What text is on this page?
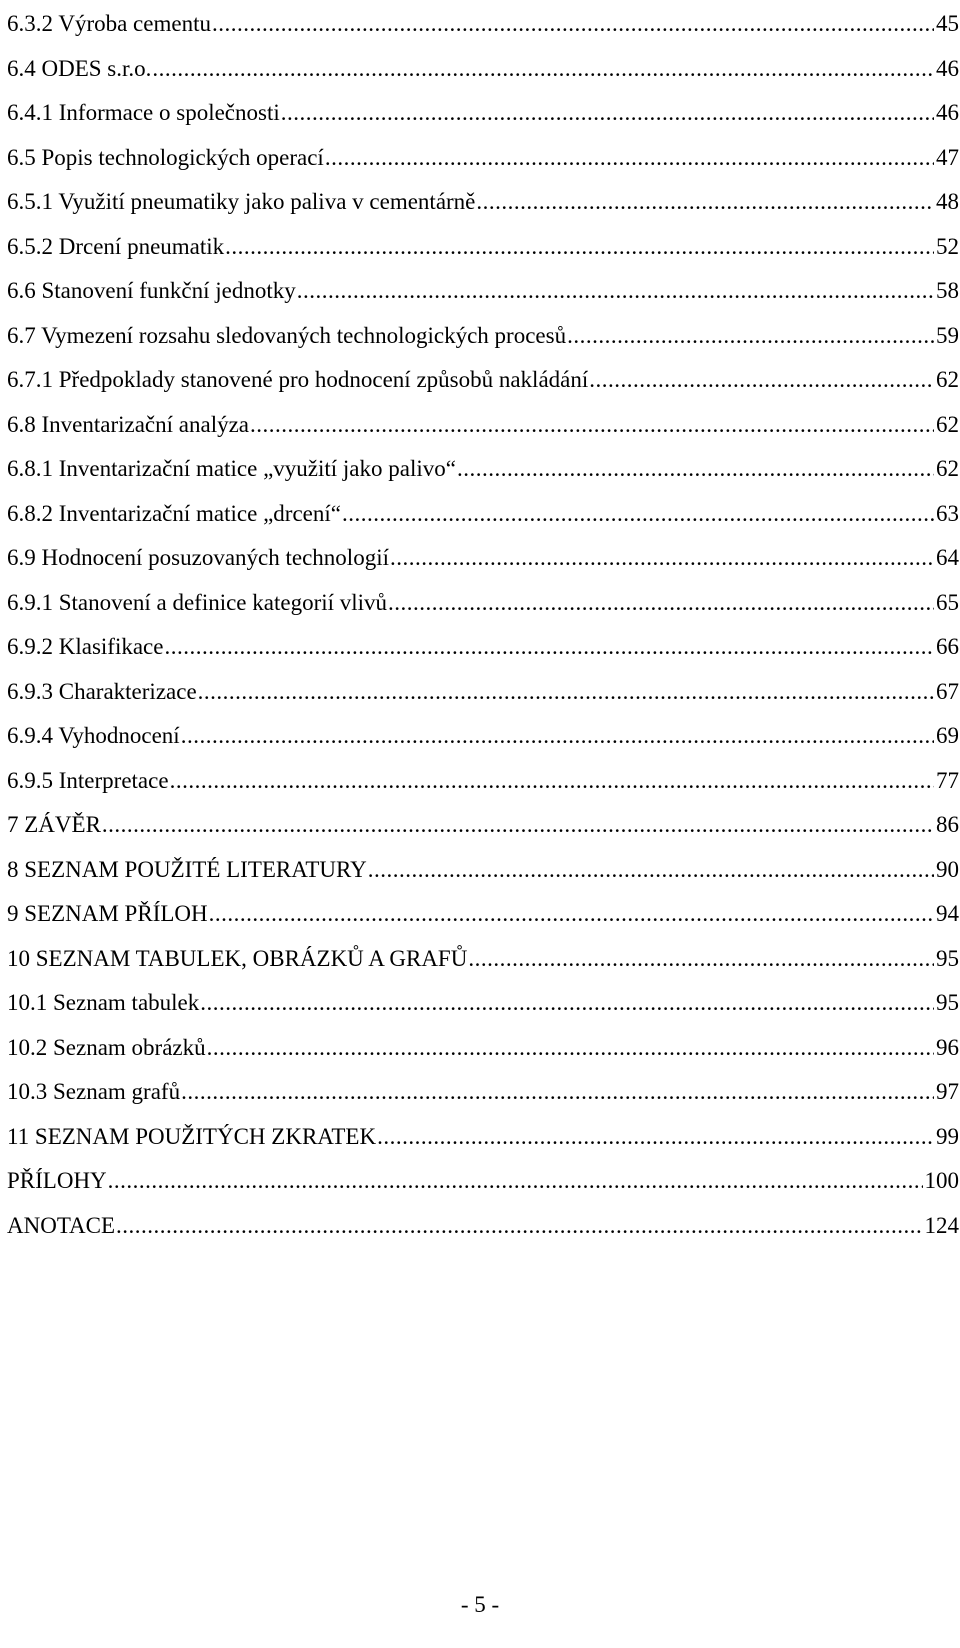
6.3.2 Výroba cementu .....	45
6.4 ODES s.r.o. .....	46
6.4.1 Informace o společnosti .....	46
6.5 Popis technologických operací .....	47
6.5.1 Využití pneumatiky jako paliva v cementárně .....	48
6.5.2 Drcení pneumatik .....	52
6.6 Stanovení funkční jednotky .....	58
6.7 Vymezení rozsahu sledovaných technologických procesů .....	59
6.7.1 Předpoklady stanovené pro hodnocení způsobů nakládání .....	62
6.8 Inventarizační analýza .....	62
6.8.1 Inventarizační matice „využití jako palivo“ .....	62
6.8.2 Inventarizační matice „drcení“ .....	63
6.9 Hodnocení posuzovaných technologií .....	64
6.9.1 Stanovení a definice kategorií vlivů .....	65
6.9.2 Klasifikace .....	66
6.9.3 Charakterizace .....	67
6.9.4 Vyhodnocení .....	69
6.9.5 Interpretace .....	77
7 ZÁVĚR .....	86
8 SEZNAM POUŽITÉ LITERATURY .....	90
9 SEZNAM PŘÍLOH .....	94
10 SEZNAM TABULEK, OBRÁZKŮ A GRAFŮ .....	95
10.1 Seznam tabulek .....	95
10.2 Seznam obrázků .....	96
10.3 Seznam grafů .....	97
11 SEZNAM POUŽITÝCH ZKRATEK .....	99
PŘÍLOHY .....	100
ANOTACE .....	124
- 5 -
